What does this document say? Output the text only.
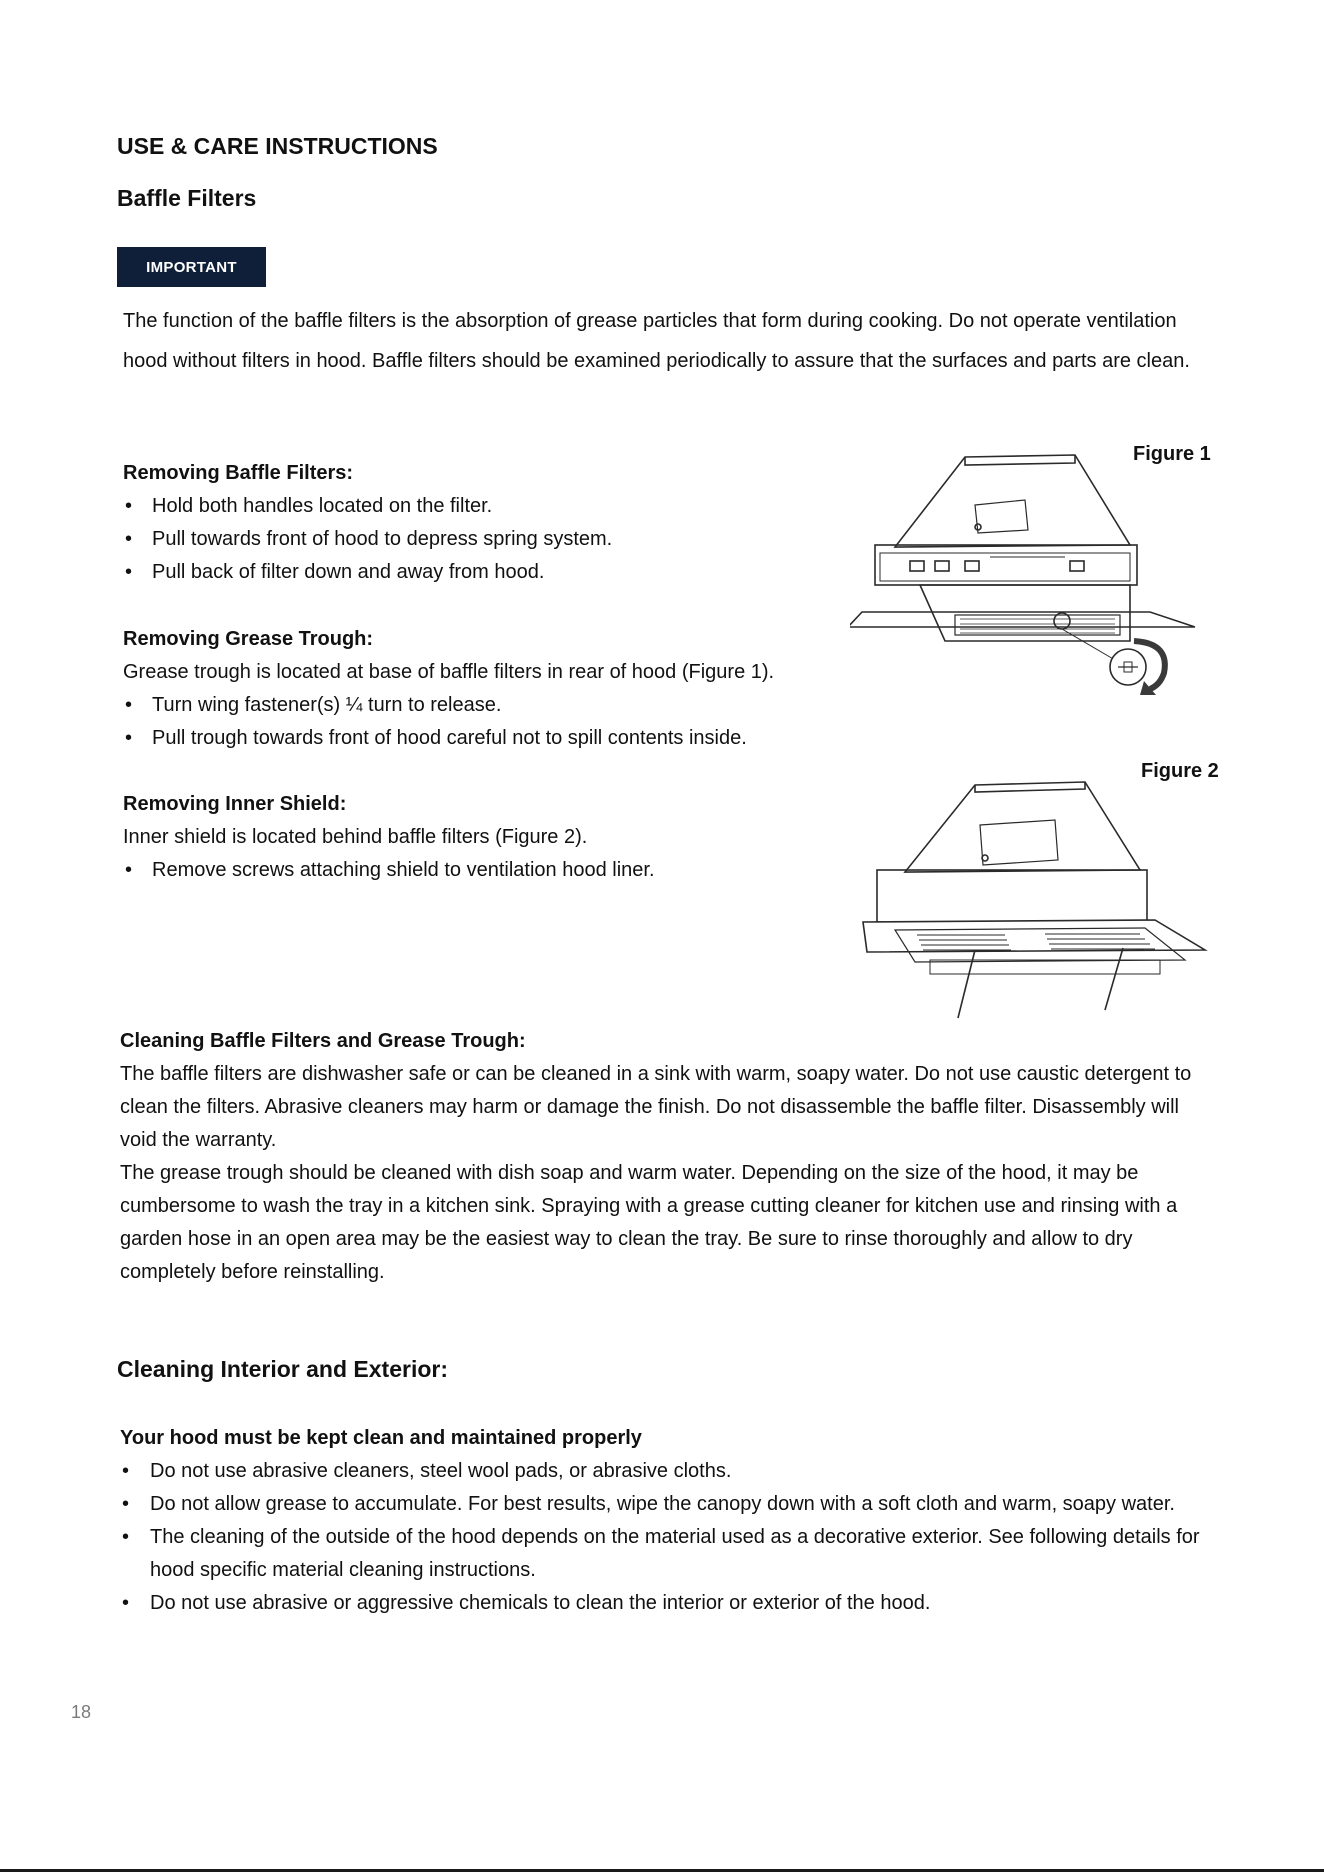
USE & CARE INSTRUCTIONS
Baffle Filters
IMPORTANT
The function of the baffle filters is the absorption of grease particles that form during cooking. Do not operate ventilation hood without filters in hood. Baffle filters should be examined periodically to assure that the surfaces and parts are clean.
Removing Baffle Filters:
• Hold both handles located on the filter.
• Pull towards front of hood to depress spring system.
• Pull back of filter down and away from hood.
Removing Grease Trough:
Grease trough is located at base of baffle filters in rear of hood (Figure 1).
• Turn wing fastener(s) ¼ turn to release.
• Pull trough towards front of hood careful not to spill contents inside.
Removing Inner Shield:
Inner shield is located behind baffle filters (Figure 2).
• Remove screws attaching shield to ventilation hood liner.
Figure 1
Figure 2
Cleaning Baffle Filters and Grease Trough:
The baffle filters are dishwasher safe or can be cleaned in a sink with warm, soapy water. Do not use caustic detergent to clean the filters. Abrasive cleaners may harm or damage the finish. Do not disassemble the baffle filter. Disassembly will void the warranty.
The grease trough should be cleaned with dish soap and warm water. Depending on the size of the hood, it may be cumbersome to wash the tray in a kitchen sink. Spraying with a grease cutting cleaner for kitchen use and rinsing with a garden hose in an open area may be the easiest way to clean the tray. Be sure to rinse thoroughly and allow to dry completely before reinstalling.
Cleaning Interior and Exterior:
Your hood must be kept clean and maintained properly
• Do not use abrasive cleaners, steel wool pads, or abrasive cloths.
• Do not allow grease to accumulate. For best results, wipe the canopy down with a soft cloth and warm, soapy water.
• The cleaning of the outside of the hood depends on the material used as a decorative exterior. See following details for hood specific material cleaning instructions.
• Do not use abrasive or aggressive chemicals to clean the interior or exterior of the hood.
18
